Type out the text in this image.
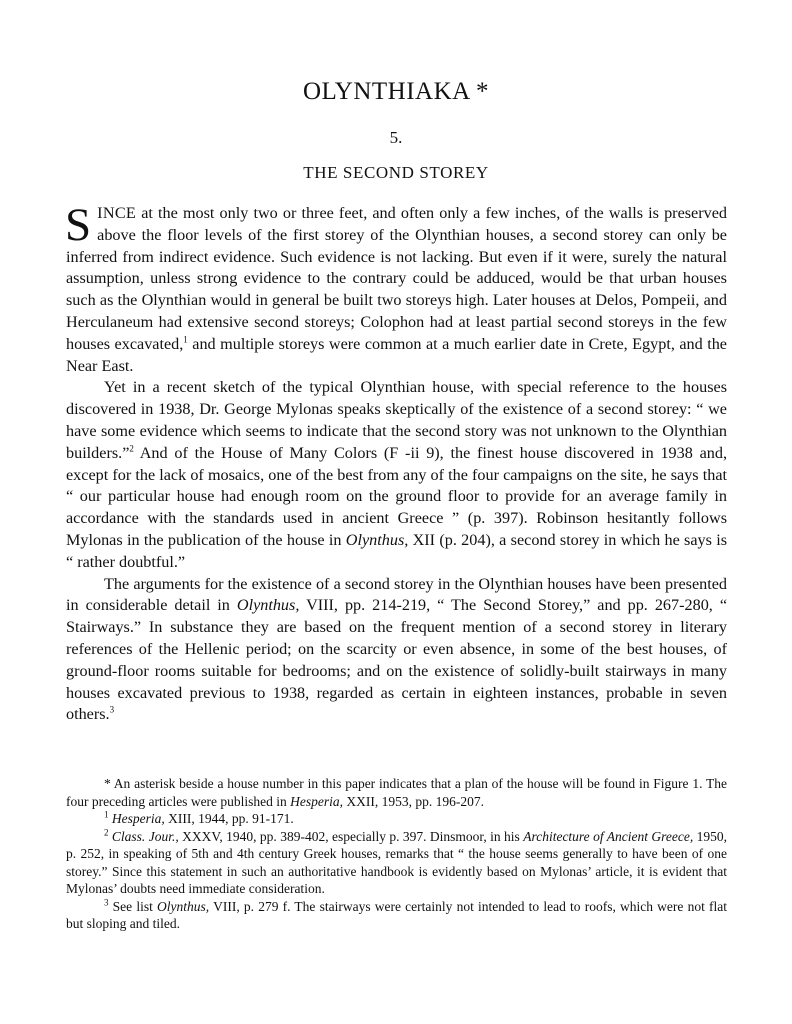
OLYNTHIAKA *
5.
THE SECOND STOREY

SINCE at the most only two or three feet, and often only a few inches, of the walls is preserved above the floor levels of the first storey of the Olynthian houses, a second storey can only be inferred from indirect evidence. Such evidence is not lacking. But even if it were, surely the natural assumption, unless strong evidence to the contrary could be adduced, would be that urban houses such as the Olynthian would in general be built two storeys high. Later houses at Delos, Pompeii, and Herculaneum had extensive second storeys; Colophon had at least partial second storeys in the few houses excavated,$^1$ and multiple storeys were common at a much earlier date in Crete, Egypt, and the Near East.

Yet in a recent sketch of the typical Olynthian house, with special reference to the houses discovered in 1938, Dr. George Mylonas speaks skeptically of the existence of a second storey: “ we have some evidence which seems to indicate that the second story was not unknown to the Olynthian builders.”$^2$ And of the House of Many Colors (F -ii 9), the finest house discovered in 1938 and, except for the lack of mosaics, one of the best from any of the four campaigns on the site, he says that “ our particular house had enough room on the ground floor to provide for an average family in accordance with the standards used in ancient Greece ” (p. 397). Robinson hesitantly follows Mylonas in the publication of the house in Olynthus, XII (p. 204), a second storey in which he says is “ rather doubtful.”

The arguments for the existence of a second storey in the Olynthian houses have been presented in considerable detail in Olynthus, VIII, pp. 214-219, “ The Second Storey,” and pp. 267-280, “ Stairways.” In substance they are based on the frequent mention of a second storey in literary references of the Hellenic period; on the scarcity or even absence, in some of the best houses, of ground-floor rooms suitable for bedrooms; and on the existence of solidly-built stairways in many houses excavated previous to 1938, regarded as certain in eighteen instances, probable in seven others.$^3$

* An asterisk beside a house number in this paper indicates that a plan of the house will be found in Figure 1. The four preceding articles were published in Hesperia, XXII, 1953, pp. 196-207.

$^1$ Hesperia, XIII, 1944, pp. 91-171.

$^2$ Class. Jour., XXXV, 1940, pp. 389-402, especially p. 397. Dinsmoor, in his Architecture of Ancient Greece, 1950, p. 252, in speaking of 5th and 4th century Greek houses, remarks that “ the house seems generally to have been of one storey.” Since this statement in such an authoritative handbook is evidently based on Mylonas’ article, it is evident that Mylonas’ doubts need immediate consideration.

$^3$ See list Olynthus, VIII, p. 279 f. The stairways were certainly not intended to lead to roofs, which were not flat but sloping and tiled.
